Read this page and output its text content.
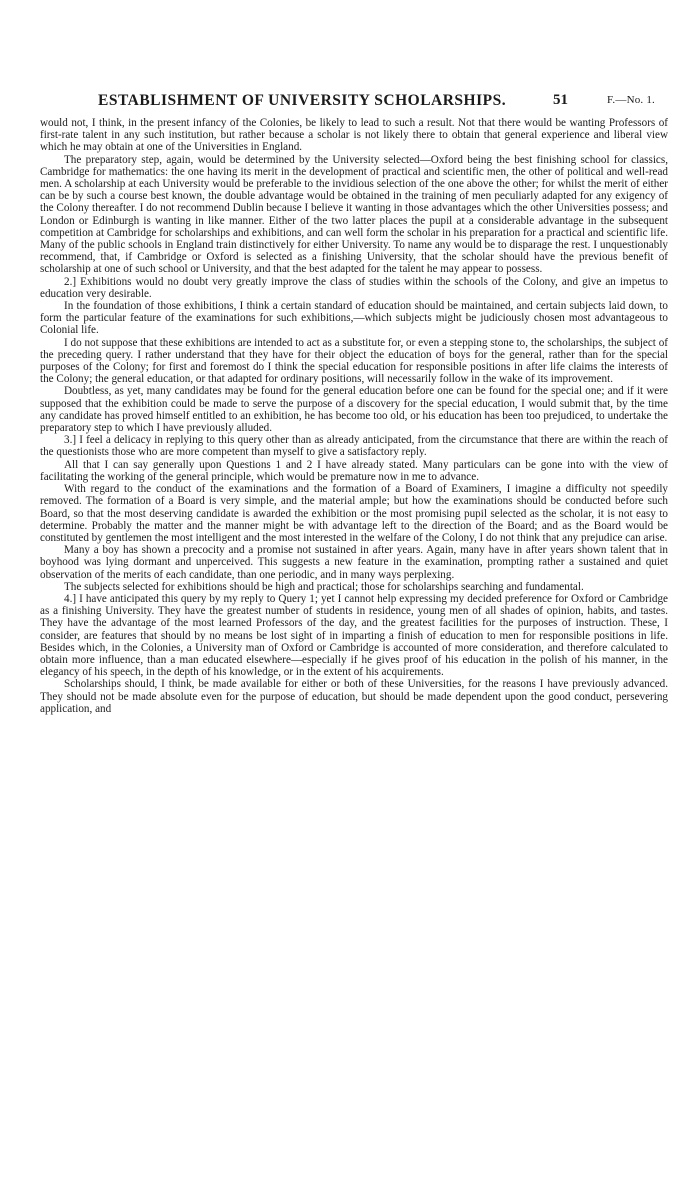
ESTABLISHMENT OF UNIVERSITY SCHOLARSHIPS.	51	F.—No. 1.

would not, I think, in the present infancy of the Colonies, be likely to lead to such a result. Not that there would be wanting Professors of first-rate talent in any such institution, but rather because a scholar is not likely there to obtain that general experience and liberal view which he may obtain at one of the Universities in England.

The preparatory step, again, would be determined by the University selected—Oxford being the best finishing school for classics, Cambridge for mathematics: the one having its merit in the development of practical and scientific men, the other of political and well-read men. A scholarship at each University would be preferable to the invidious selection of the one above the other; for whilst the merit of either can be by such a course best known, the double advantage would be obtained in the training of men peculiarly adapted for any exigency of the Colony thereafter. I do not recommend Dublin because I believe it wanting in those advantages which the other Universities possess; and London or Edinburgh is wanting in like manner. Either of the two latter places the pupil at a considerable advantage in the subsequent competition at Cambridge for scholarships and exhibitions, and can well form the scholar in his preparation for a practical and scientific life. Many of the public schools in England train distinctively for either University. To name any would be to disparage the rest. I unquestionably recommend, that, if Cambridge or Oxford is selected as a finishing University, that the scholar should have the previous benefit of scholarship at one of such school or University, and that the best adapted for the talent he may appear to possess.

2.] Exhibitions would no doubt very greatly improve the class of studies within the schools of the Colony, and give an impetus to education very desirable.

In the foundation of those exhibitions, I think a certain standard of education should be maintained, and certain subjects laid down, to form the particular feature of the examinations for such exhibitions,—which subjects might be judiciously chosen most advantageous to Colonial life.

I do not suppose that these exhibitions are intended to act as a substitute for, or even a stepping stone to, the scholarships, the subject of the preceding query. I rather understand that they have for their object the education of boys for the general, rather than for the special purposes of the Colony; for first and foremost do I think the special education for responsible positions in after life claims the interests of the Colony; the general education, or that adapted for ordinary positions, will necessarily follow in the wake of its improvement.

Doubtless, as yet, many candidates may be found for the general education before one can be found for the special one; and if it were supposed that the exhibition could be made to serve the purpose of a discovery for the special education, I would submit that, by the time any candidate has proved himself entitled to an exhibition, he has become too old, or his education has been too prejudiced, to undertake the preparatory step to which I have previously alluded.

3.] I feel a delicacy in replying to this query other than as already anticipated, from the circumstance that there are within the reach of the questionists those who are more competent than myself to give a satisfactory reply.

All that I can say generally upon Questions 1 and 2 I have already stated. Many particulars can be gone into with the view of facilitating the working of the general principle, which would be premature now in me to advance.

With regard to the conduct of the examinations and the formation of a Board of Examiners, I imagine a difficulty not speedily removed. The formation of a Board is very simple, and the material ample; but how the examinations should be conducted before such Board, so that the most deserving candidate is awarded the exhibition or the most promising pupil selected as the scholar, it is not easy to determine. Probably the matter and the manner might be with advantage left to the direction of the Board; and as the Board would be constituted by gentlemen the most intelligent and the most interested in the welfare of the Colony, I do not think that any prejudice can arise.

Many a boy has shown a precocity and a promise not sustained in after years. Again, many have in after years shown talent that in boyhood was lying dormant and unperceived. This suggests a new feature in the examination, prompting rather a sustained and quiet observation of the merits of each candidate, than one periodic, and in many ways perplexing.

The subjects selected for exhibitions should be high and practical; those for scholarships searching and fundamental.

4.] I have anticipated this query by my reply to Query 1; yet I cannot help expressing my decided preference for Oxford or Cambridge as a finishing University. They have the greatest number of students in residence, young men of all shades of opinion, habits, and tastes. They have the advantage of the most learned Professors of the day, and the greatest facilities for the purposes of instruction. These, I consider, are features that should by no means be lost sight of in imparting a finish of education to men for responsible positions in life. Besides which, in the Colonies, a University man of Oxford or Cambridge is accounted of more consideration, and therefore calculated to obtain more influence, than a man educated elsewhere—especially if he gives proof of his education in the polish of his manner, in the elegancy of his speech, in the depth of his knowledge, or in the extent of his acquirements.

Scholarships should, I think, be made available for either or both of these Universities, for the reasons I have previously advanced. They should not be made absolute even for the purpose of education, but should be made dependent upon the good conduct, persevering application, and
